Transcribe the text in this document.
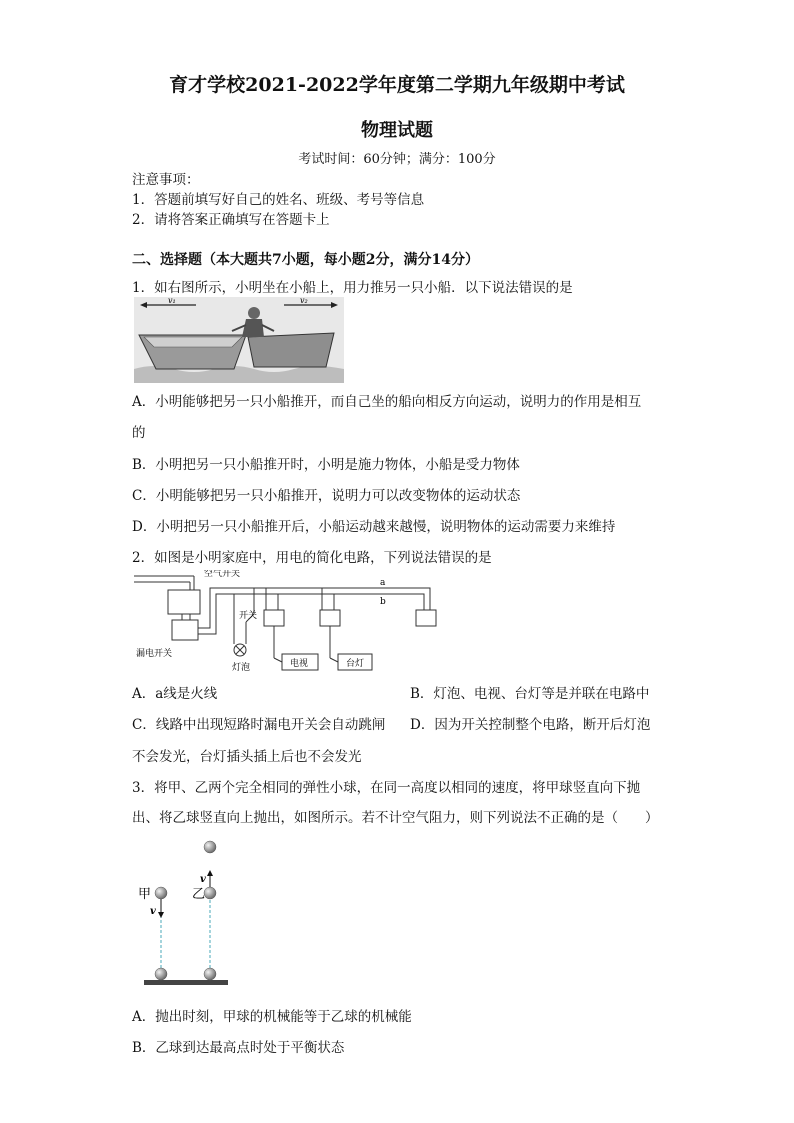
育才学校2021-2022学年度第二学期九年级期中考试
物理试题
考试时间：60分钟；满分：100分
注意事项：
1．答题前填写好自己的姓名、班级、考号等信息
2．请将答案正确填写在答题卡上
二、选择题（本大题共7小题，每小题2分，满分14分）
1．如右图所示，小明坐在小船上，用力推另一只小船．以下说法错误的是
v₁	v₂
A．小明能够把另一只小船推开，而自己坐的船向相反方向运动，说明力的作用是相互
的
B．小明把另一只小船推开时，小明是施力物体，小船是受力物体
C．小明能够把另一只小船推开，说明力可以改变物体的运动状态
D．小明把另一只小船推开后，小船运动越来越慢，说明物体的运动需要力来维持
2．如图是小明家庭中，用电的简化电路，下列说法错误的是
空气开关
漏电开关
开关
灯泡	电视	台灯
a
b
A．a线是火线	B．灯泡、电视、台灯等是并联在电路中
C．线路中出现短路时漏电开关会自动跳闸 D．因为开关控制整个电路，断开后灯泡
不会发光，台灯插头插上后也不会发光
3．将甲、乙两个完全相同的弹性小球，在同一高度以相同的速度，将甲球竖直向下抛
出、将乙球竖直向上抛出，如图所示。若不计空气阻力，则下列说法不正确的是（　　）
甲	乙
v
v
A．抛出时刻，甲球的机械能等于乙球的机械能
B．乙球到达最高点时处于平衡状态
